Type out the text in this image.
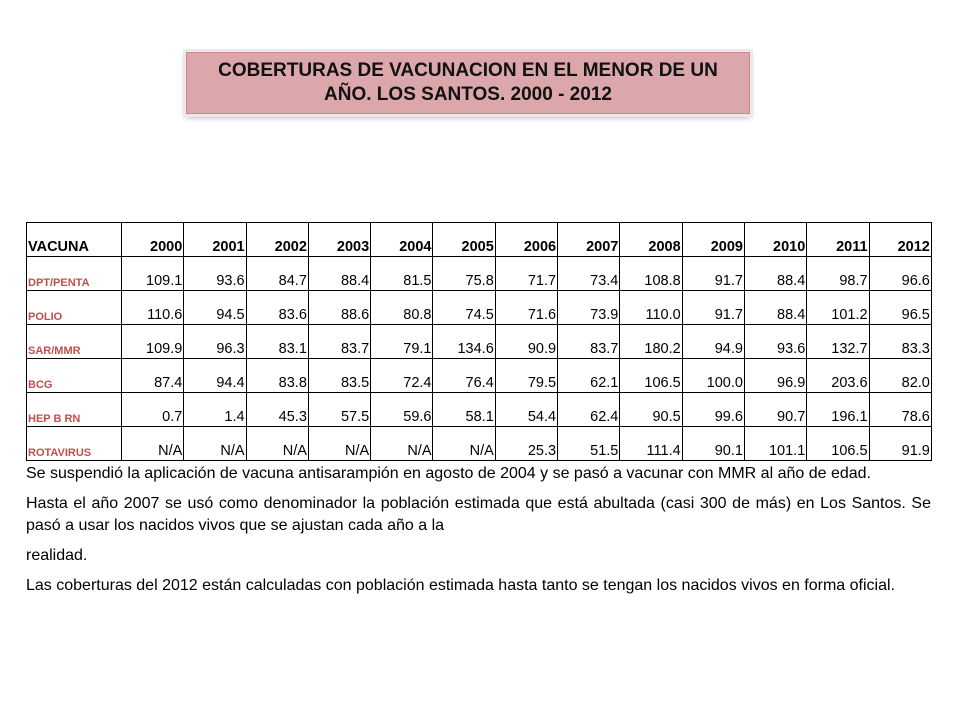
COBERTURAS DE VACUNACION EN EL MENOR DE UN AÑO. LOS SANTOS. 2000 - 2012
VACUNA	2000	2001	2002	2003	2004	2005	2006	2007	2008	2009	2010	2011	2012
DPT/PENTA	109.1	93.6	84.7	88.4	81.5	75.8	71.7	73.4	108.8	91.7	88.4	98.7	96.6
POLIO	110.6	94.5	83.6	88.6	80.8	74.5	71.6	73.9	110.0	91.7	88.4	101.2	96.5
SAR/MMR	109.9	96.3	83.1	83.7	79.1	134.6	90.9	83.7	180.2	94.9	93.6	132.7	83.3
BCG	87.4	94.4	83.8	83.5	72.4	76.4	79.5	62.1	106.5	100.0	96.9	203.6	82.0
HEP B RN	0.7	1.4	45.3	57.5	59.6	58.1	54.4	62.4	90.5	99.6	90.7	196.1	78.6
ROTAVIRUS	N/A	N/A	N/A	N/A	N/A	N/A	25.3	51.5	111.4	90.1	101.1	106.5	91.9

Se suspendió la aplicación de vacuna antisarampión en agosto de 2004 y se pasó a vacunar con MMR al año de edad.

Hasta el año 2007 se usó como denominador la población estimada que está abultada (casi 300 de más) en Los Santos. Se pasó a usar los nacidos vivos que se ajustan cada año a la

realidad.

Las coberturas del 2012 están calculadas con población estimada hasta tanto se tengan los nacidos vivos en forma oficial.
